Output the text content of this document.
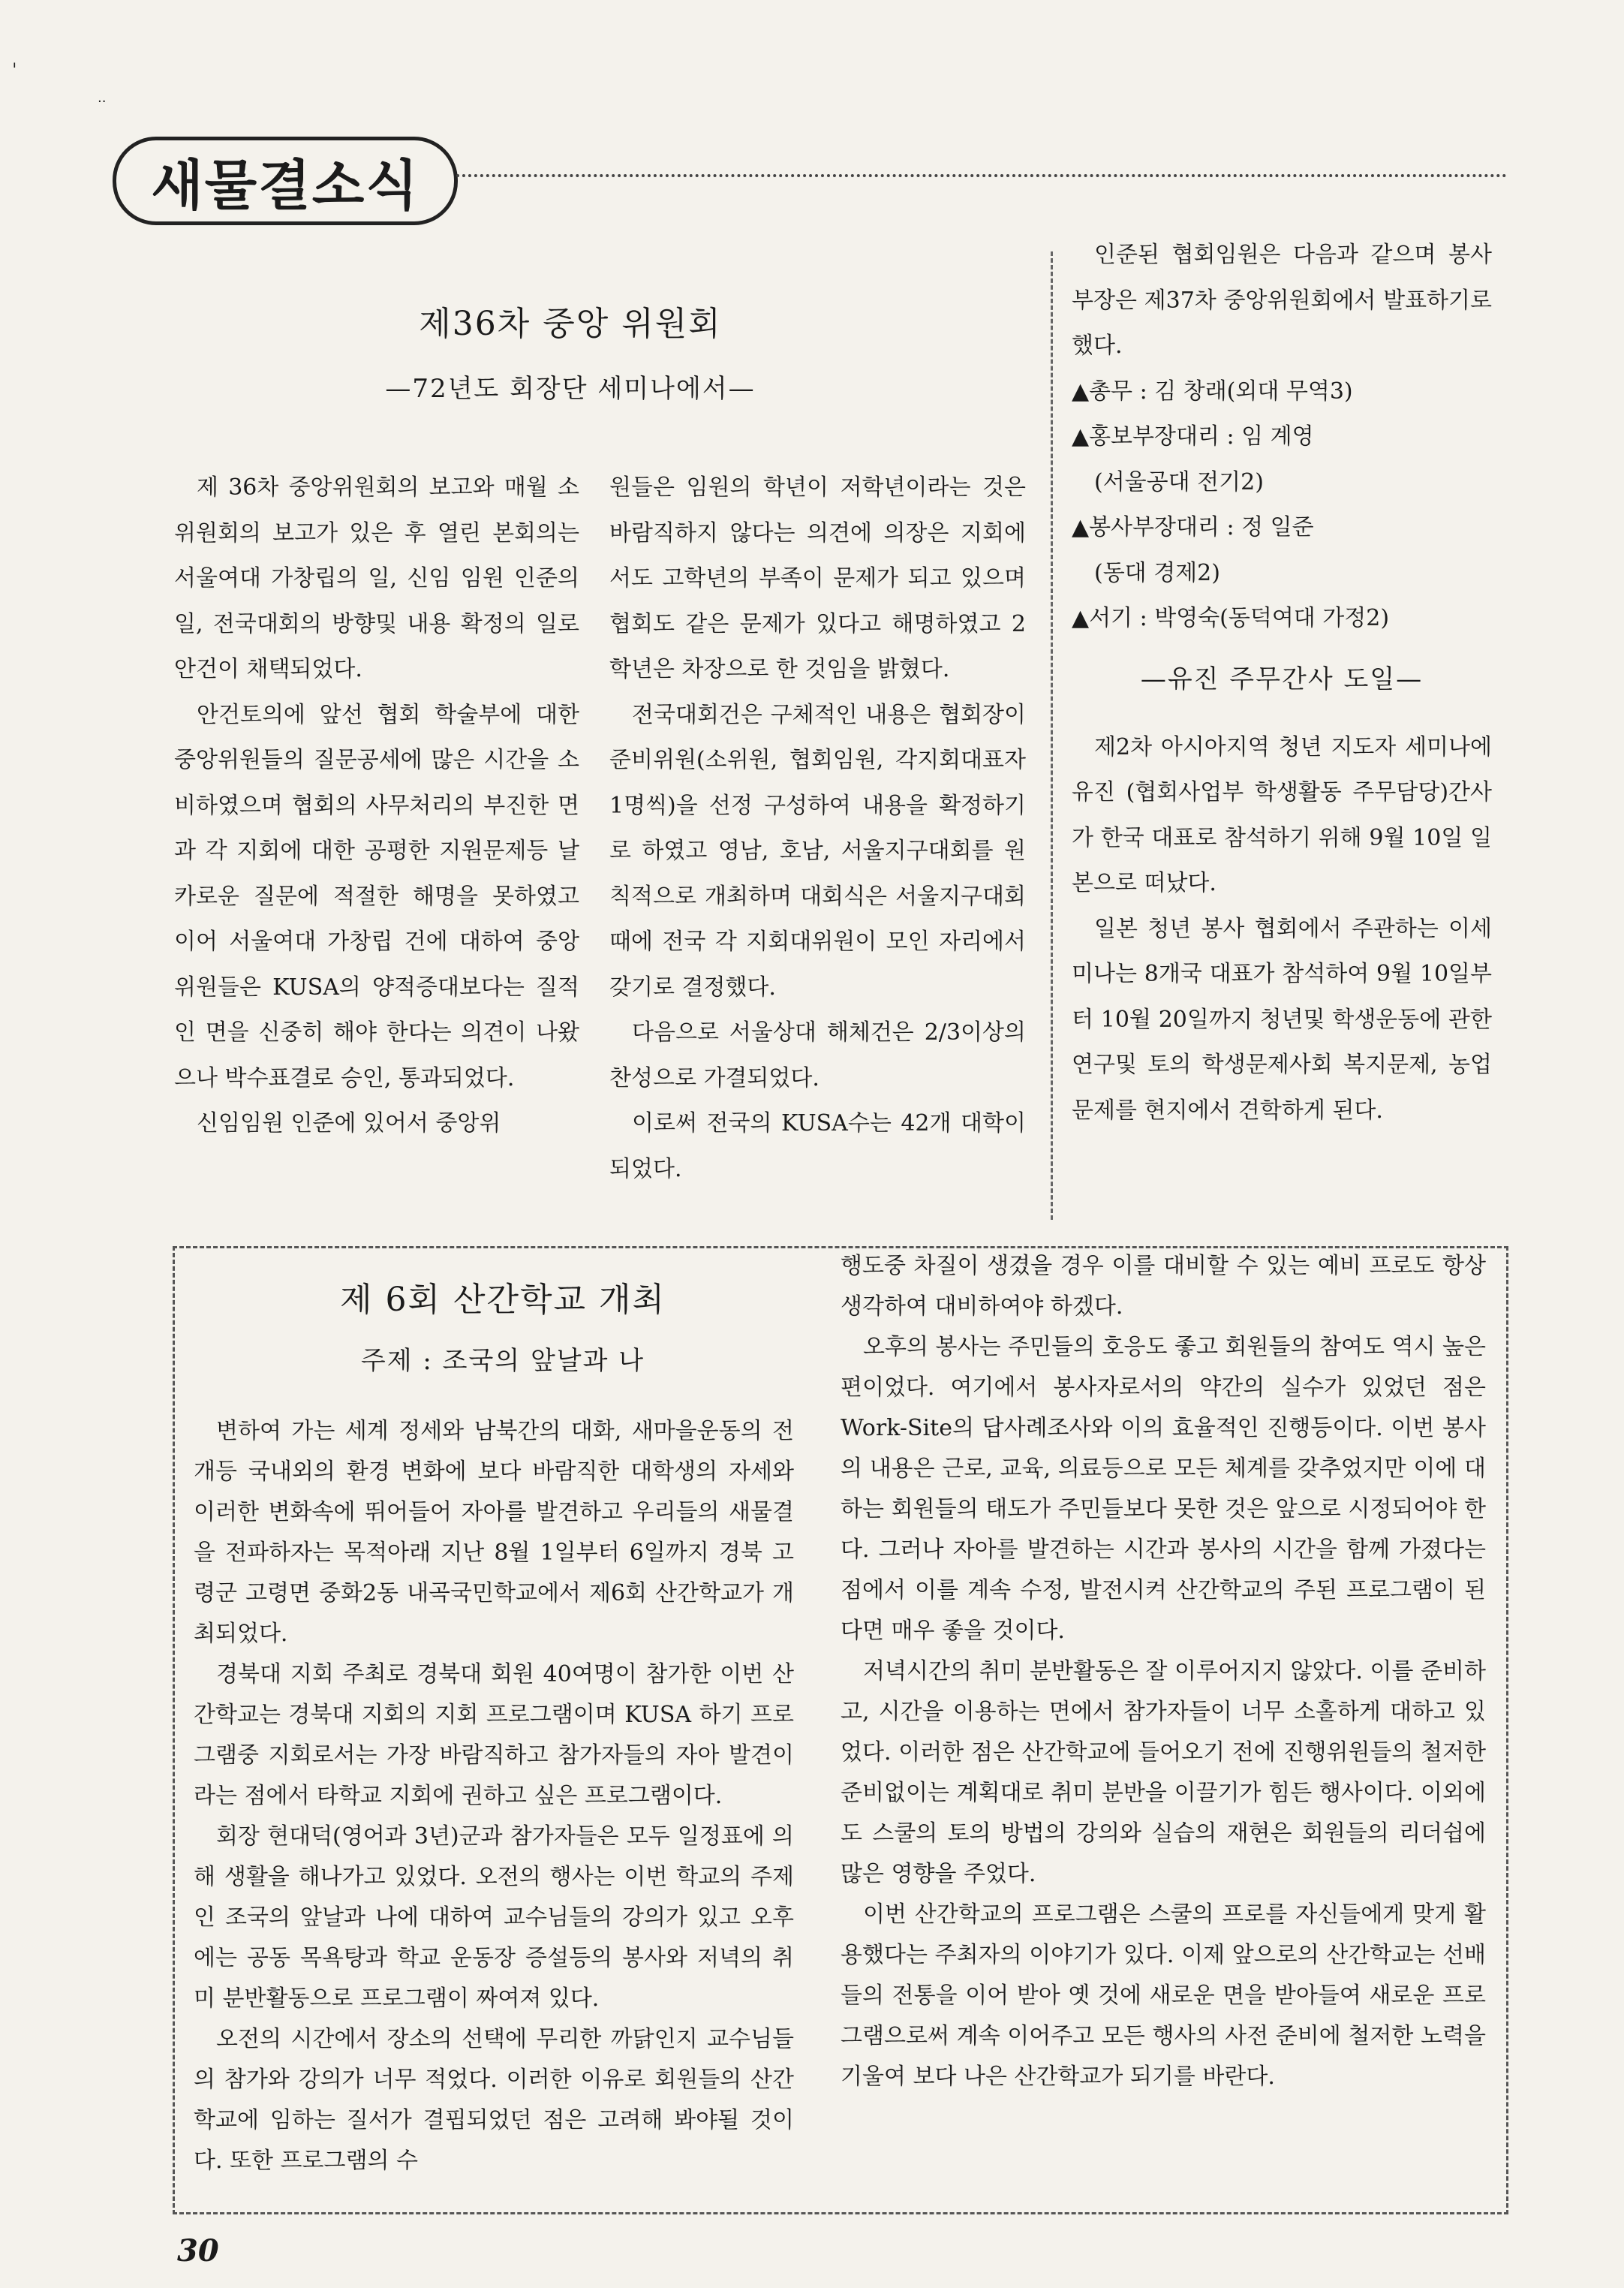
ˈ
..
새물결소식
제36차 중앙 위원회
—72년도 회장단 세미나에서—

제 36차 중앙위원회의 보고와 매월 소위원회의 보고가 있은 후 열린 본회의는 서울여대 가창립의 일, 신임 임원 인준의 일, 전국대회의 방향및 내용 확정의 일로 안건이 채택되었다.

안건토의에 앞선 협회 학술부에 대한 중앙위원들의 질문공세에 많은 시간을 소비하였으며 협회의 사무처리의 부진한 면과 각 지회에 대한 공평한 지원문제등 날카로운 질문에 적절한 해명을 못하였고 이어 서울여대 가창립 건에 대하여 중앙위원들은 KUSA의 양적증대보다는 질적인 면을 신중히 해야 한다는 의견이 나왔으나 박수표결로 승인, 통과되었다.

신임임원 인준에 있어서 중앙위

원들은 임원의 학년이 저학년이라는 것은 바람직하지 않다는 의견에 의장은 지회에서도 고학년의 부족이 문제가 되고 있으며 협회도 같은 문제가 있다고 해명하였고 2학년은 차장으로 한 것임을 밝혔다.

전국대회건은 구체적인 내용은 협회장이 준비위원(소위원, 협회임원, 각지회대표자 1명씩)을 선정 구성하여 내용을 확정하기로 하였고 영남, 호남, 서울지구대회를 원칙적으로 개최하며 대회식은 서울지구대회때에 전국 각 지회대위원이 모인 자리에서 갖기로 결정했다.

다음으로 서울상대 해체건은 2/3이상의 찬성으로 가결되었다.

이로써 전국의 KUSA수는 42개 대학이 되었다.

인준된 협회임원은 다음과 같으며 봉사부장은 제37차 중앙위원회에서 발표하기로했다.

▲총무 : 김 창래(외대 무역3)

▲홍보부장대리 : 임 계영

(서울공대 전기2)

▲봉사부장대리 : 정 일준

(동대 경제2)

▲서기 : 박영숙(동덕여대 가정2)

—유진 주무간사 도일—

제2차 아시아지역 청년 지도자 세미나에 유진 (협회사업부 학생활동 주무담당)간사가 한국 대표로 참석하기 위해 9월 10일 일본으로 떠났다.

일본 청년 봉사 협회에서 주관하는 이세미나는 8개국 대표가 참석하여 9월 10일부터 10월 20일까지 청년및 학생운동에 관한 연구및 토의 학생문제사회 복지문제, 농업문제를 현지에서 견학하게 된다.

제 6회 산간학교 개최
주제 : 조국의 앞날과 나

변하여 가는 세계 정세와 남북간의 대화, 새마을운동의 전개등 국내외의 환경 변화에 보다 바람직한 대학생의 자세와 이러한 변화속에 뛰어들어 자아를 발견하고 우리들의 새물결을 전파하자는 목적아래 지난 8월 1일부터 6일까지 경북 고령군 고령면 중화2동 내곡국민학교에서 제6회 산간학교가 개최되었다.

경북대 지회 주최로 경북대 회원 40여명이 참가한 이번 산간학교는 경북대 지회의 지회 프로그램이며 KUSA 하기 프로그램중 지회로서는 가장 바람직하고 참가자들의 자아 발견이라는 점에서 타학교 지회에 권하고 싶은 프로그램이다.

회장 현대덕(영어과 3년)군과 참가자들은 모두 일정표에 의해 생활을 해나가고 있었다. 오전의 행사는 이번 학교의 주제인 조국의 앞날과 나에 대하여 교수님들의 강의가 있고 오후에는 공동 목욕탕과 학교 운동장 증설등의 봉사와 저녁의 취미 분반활동으로 프로그램이 짜여져 있다.

오전의 시간에서 장소의 선택에 무리한 까닭인지 교수님들의 참가와 강의가 너무 적었다. 이러한 이유로 회원들의 산간학교에 임하는 질서가 결핍되었던 점은 고려해 봐야될 것이다. 또한 프로그램의 수

행도중 차질이 생겼을 경우 이를 대비할 수 있는 예비 프로도 항상 생각하여 대비하여야 하겠다.

오후의 봉사는 주민들의 호응도 좋고 회원들의 참여도 역시 높은 편이었다. 여기에서 봉사자로서의 약간의 실수가 있었던 점은 Work-Site의 답사례조사와 이의 효율적인 진행등이다. 이번 봉사의 내용은 근로, 교육, 의료등으로 모든 체계를 갖추었지만 이에 대하는 회원들의 태도가 주민들보다 못한 것은 앞으로 시정되어야 한다. 그러나 자아를 발견하는 시간과 봉사의 시간을 함께 가졌다는 점에서 이를 계속 수정, 발전시켜 산간학교의 주된 프로그램이 된다면 매우 좋을 것이다.

저녁시간의 취미 분반활동은 잘 이루어지지 않았다. 이를 준비하고, 시간을 이용하는 면에서 참가자들이 너무 소홀하게 대하고 있었다. 이러한 점은 산간학교에 들어오기 전에 진행위원들의 철저한 준비없이는 계획대로 취미 분반을 이끌기가 힘든 행사이다. 이외에도 스쿨의 토의 방법의 강의와 실습의 재현은 회원들의 리더쉽에 많은 영향을 주었다.

이번 산간학교의 프로그램은 스쿨의 프로를 자신들에게 맞게 활용했다는 주최자의 이야기가 있다. 이제 앞으로의 산간학교는 선배들의 전통을 이어 받아 옛 것에 새로운 면을 받아들여 새로운 프로그램으로써 계속 이어주고 모든 행사의 사전 준비에 철저한 노력을 기울여 보다 나은 산간학교가 되기를 바란다.

30
